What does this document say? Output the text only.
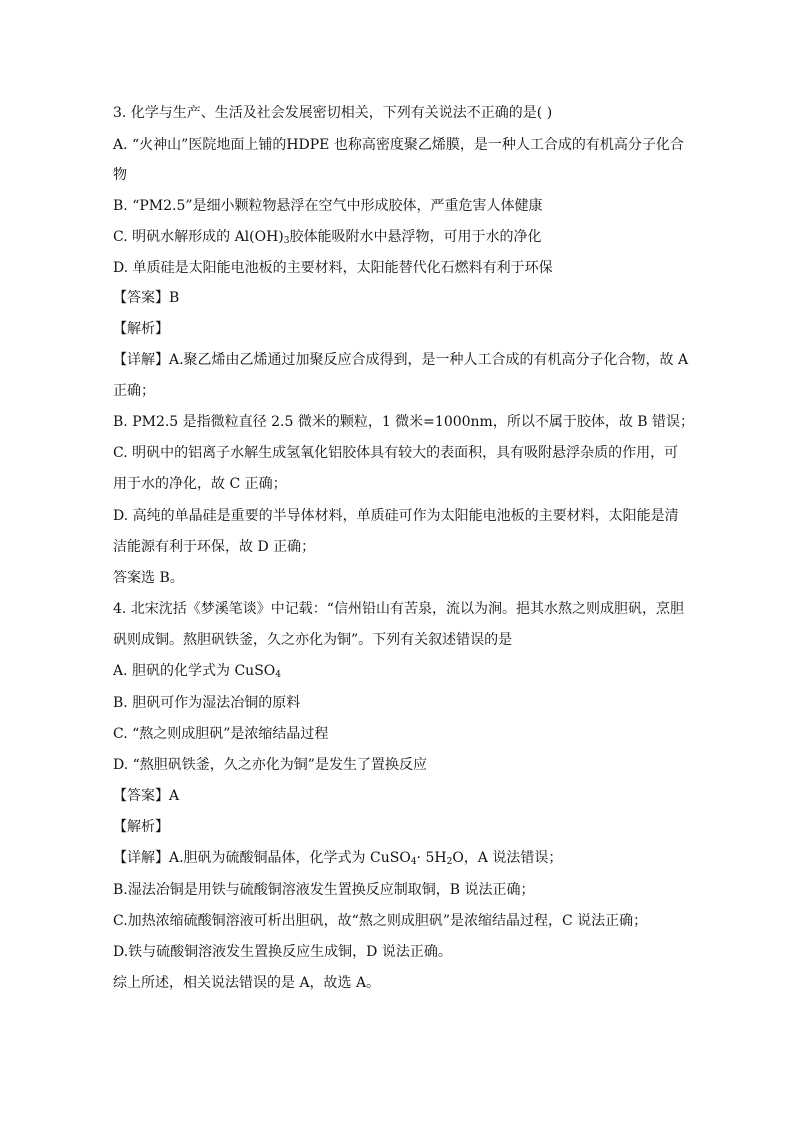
3. 化学与生产、生活及社会发展密切相关，下列有关说法不正确的是( )
A. “火神山”医院地面上铺的HDPE 也称高密度聚乙烯膜，是一种人工合成的有机高分子化合
物
B. “PM2.5”是细小颗粒物悬浮在空气中形成胶体，严重危害人体健康
C. 明矾水解形成的 $Al(OH)_3$胶体能吸附水中悬浮物，可用于水的净化
D. 单质硅是太阳能电池板的主要材料，太阳能替代化石燃料有利于环保
【答案】B
【解析】
【详解】A.聚乙烯由乙烯通过加聚反应合成得到，是一种人工合成的有机高分子化合物，故 A
正确；
B. PM2.5 是指微粒直径 2.5 微米的颗粒，1 微米=1000nm，所以不属于胶体，故 B 错误；
C. 明矾中的铝离子水解生成氢氧化铝胶体具有较大的表面积，具有吸附悬浮杂质的作用，可
用于水的净化，故 C 正确；
D. 高纯的单晶硅是重要的半导体材料，单质硅可作为太阳能电池板的主要材料，太阳能是清
洁能源有利于环保，故 D 正确；
答案选 B。
4. 北宋沈括《梦溪笔谈》中记载：“信州铅山有苦泉，流以为涧。挹其水熬之则成胆矾，烹胆
矾则成铜。熬胆矾铁釜，久之亦化为铜”。下列有关叙述错误的是
A. 胆矾的化学式为 CuSO$_4$
B. 胆矾可作为湿法冶铜的原料
C. “熬之则成胆矾”是浓缩结晶过程
D. “熬胆矾铁釜，久之亦化为铜”是发生了置换反应
【答案】A
【解析】
【详解】A.胆矾为硫酸铜晶体，化学式为 CuSO$_4$· $5H_2O$，A 说法错误；
B.湿法冶铜是用铁与硫酸铜溶液发生置换反应制取铜，B 说法正确；
C.加热浓缩硫酸铜溶液可析出胆矾，故“熬之则成胆矾”是浓缩结晶过程，C 说法正确；
D.铁与硫酸铜溶液发生置换反应生成铜，D 说法正确。
综上所述，相关说法错误的是 A，故选 A。
